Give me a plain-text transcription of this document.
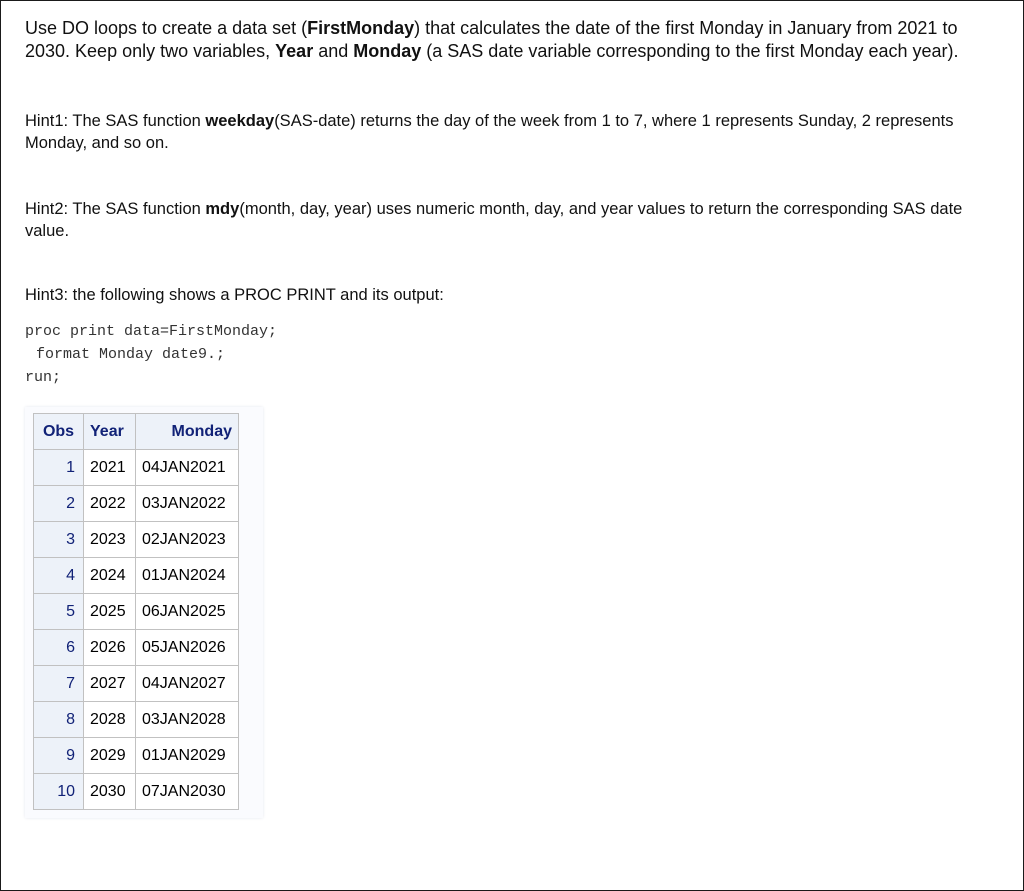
Use DO loops to create a data set (FirstMonday) that calculates the date of the first Monday in January from 2021 to 2030. Keep only two variables, Year and Monday (a SAS date variable corresponding to the first Monday each year).

Hint1: The SAS function weekday(SAS-date) returns the day of the week from 1 to 7, where 1 represents Sunday, 2 represents Monday, and so on.

Hint2: The SAS function mdy(month, day, year) uses numeric month, day, and year values to return the corresponding SAS date value.

Hint3: the following shows a PROC PRINT and its output:

proc print data=FirstMonday;
format Monday date9.;
run;
Obs	Year	Monday
1	2021	04JAN2021
2	2022	03JAN2022
3	2023	02JAN2023
4	2024	01JAN2024
5	2025	06JAN2025
6	2026	05JAN2026
7	2027	04JAN2027
8	2028	03JAN2028
9	2029	01JAN2029
10	2030	07JAN2030
